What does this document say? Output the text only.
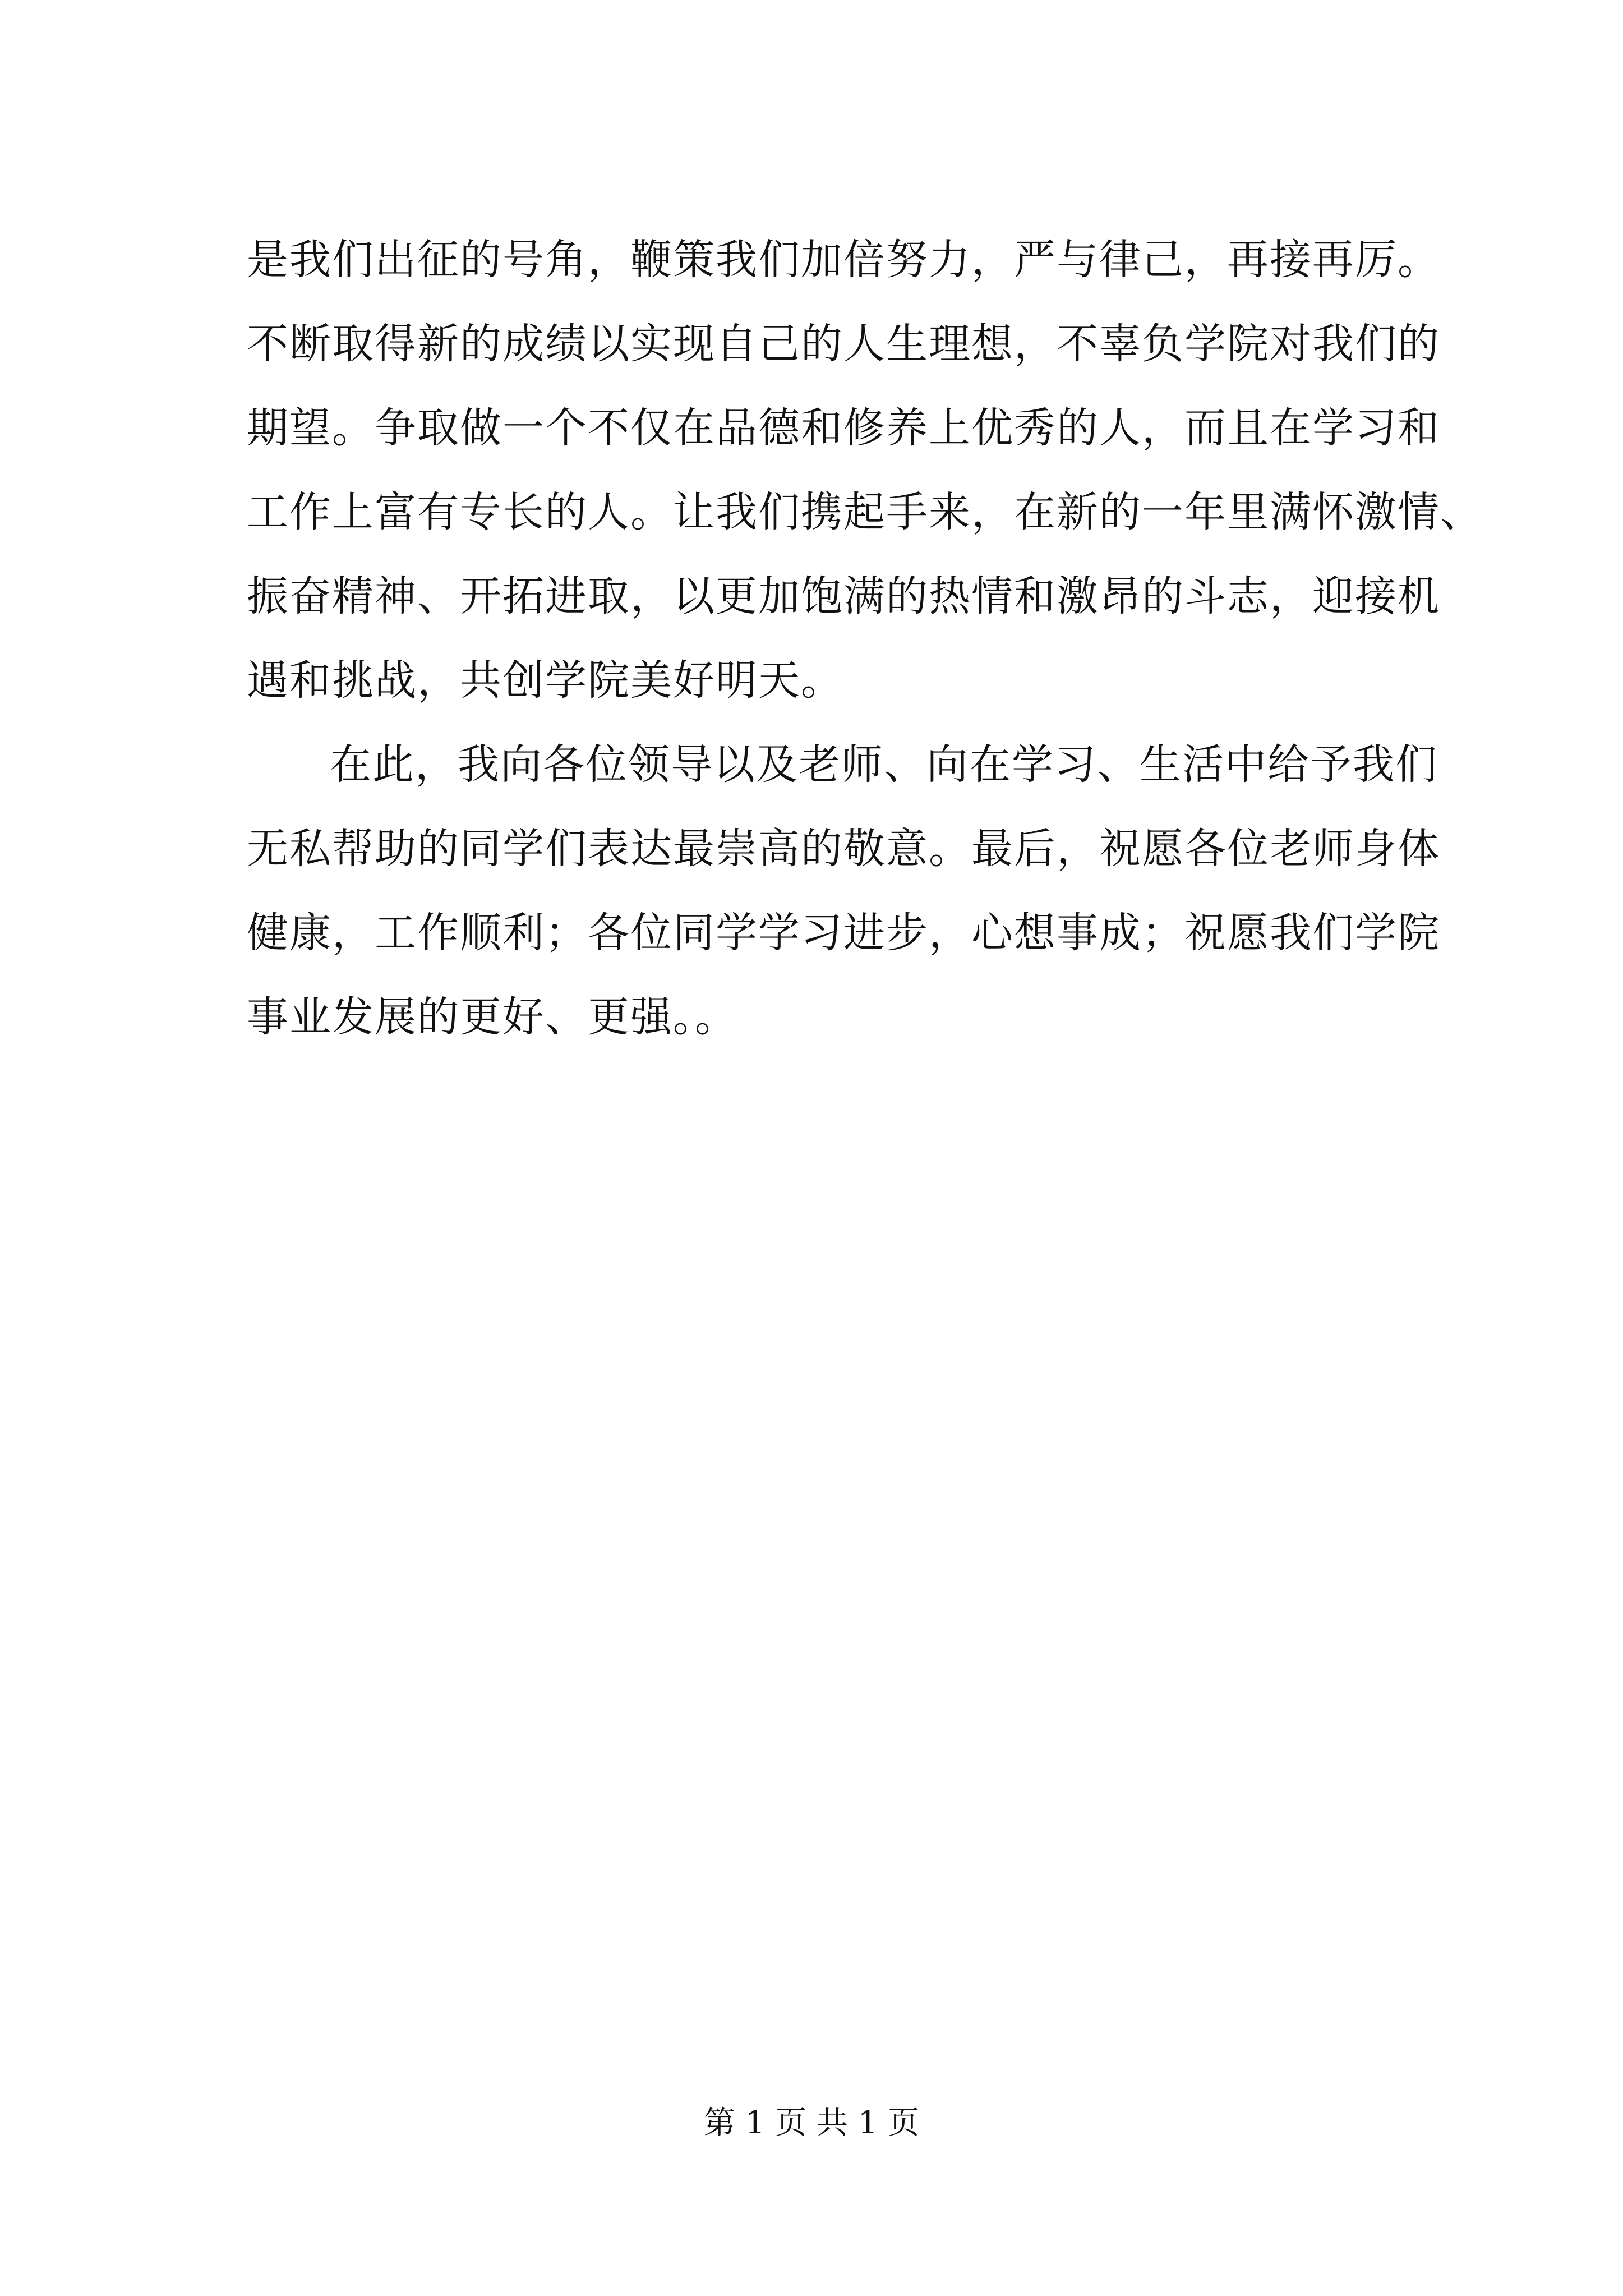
是我们出征的号角，鞭策我们加倍努力，严与律己，再接再厉。
不断取得新的成绩以实现自己的人生理想，不辜负学院对我们的
期望。争取做一个不仅在品德和修养上优秀的人，而且在学习和
工作上富有专长的人。让我们携起手来，在新的一年里满怀激情、
振奋精神、开拓进取，以更加饱满的热情和激昂的斗志，迎接机
遇和挑战，共创学院美好明天。
在此，我向各位领导以及老师、向在学习、生活中给予我们
无私帮助的同学们表达最崇高的敬意。最后，祝愿各位老师身体
健康，工作顺利；各位同学学习进步，心想事成；祝愿我们学院
事业发展的更好、更强。。
第 1 页 共 1 页
